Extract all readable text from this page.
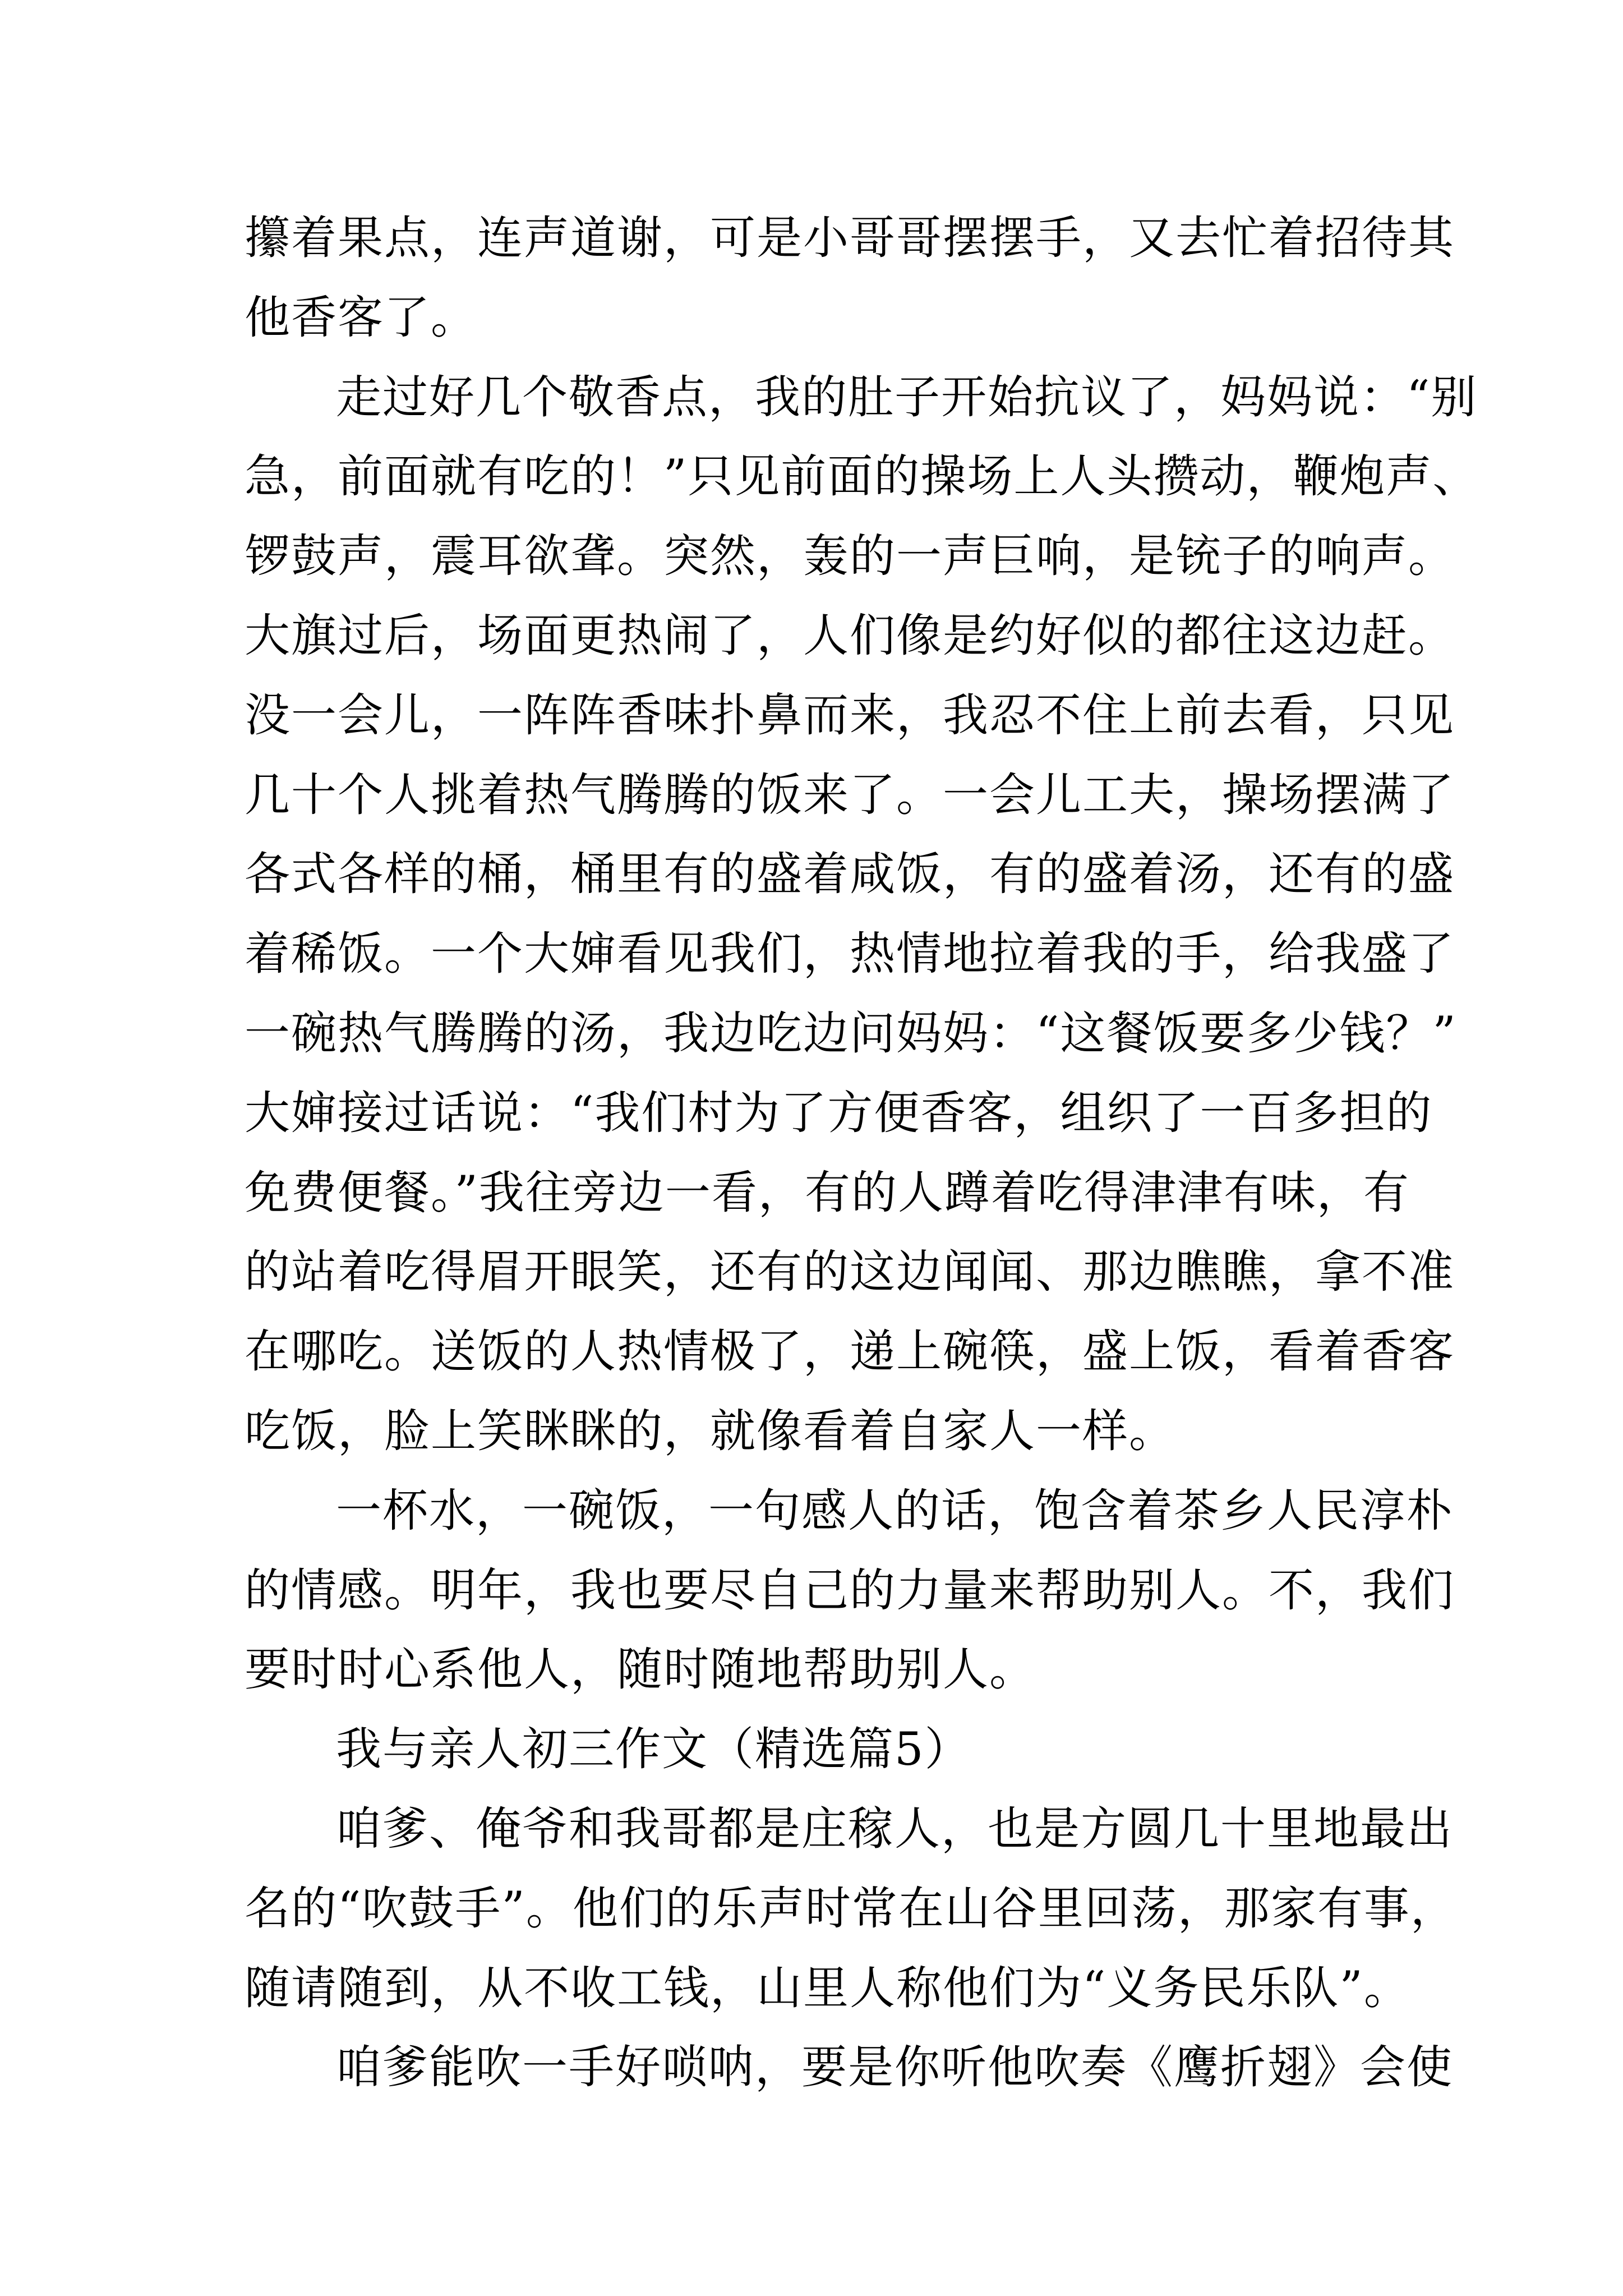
攥着果点，连声道谢，可是小哥哥摆摆手，又去忙着招待其
他香客了。
走过好几个敬香点，我的肚子开始抗议了，妈妈说：“别
急，前面就有吃的！”只见前面的操场上人头攒动，鞭炮声、
锣鼓声，震耳欲聋。突然，轰的一声巨响，是铳子的响声。
大旗过后，场面更热闹了，人们像是约好似的都往这边赶。
没一会儿，一阵阵香味扑鼻而来，我忍不住上前去看，只见
几十个人挑着热气腾腾的饭来了。一会儿工夫，操场摆满了
各式各样的桶，桶里有的盛着咸饭，有的盛着汤，还有的盛
着稀饭。一个大婶看见我们，热情地拉着我的手，给我盛了
一碗热气腾腾的汤，我边吃边问妈妈：“这餐饭要多少钱？”
大婶接过话说：“我们村为了方便香客，组织了一百多担的
免费便餐。”我往旁边一看，有的人蹲着吃得津津有味，有
的站着吃得眉开眼笑，还有的这边闻闻、那边瞧瞧，拿不准
在哪吃。送饭的人热情极了，递上碗筷，盛上饭，看着香客
吃饭，脸上笑眯眯的，就像看着自家人一样。
一杯水，一碗饭，一句感人的话，饱含着茶乡人民淳朴
的情感。明年，我也要尽自己的力量来帮助别人。不，我们
要时时心系他人，随时随地帮助别人。
我与亲人初三作文（精选篇5）
咱爹、俺爷和我哥都是庄稼人，也是方圆几十里地最出
名的“吹鼓手”。他们的乐声时常在山谷里回荡，那家有事，
随请随到，从不收工钱，山里人称他们为“义务民乐队”。
咱爹能吹一手好唢呐，要是你听他吹奏《鹰折翅》会使
